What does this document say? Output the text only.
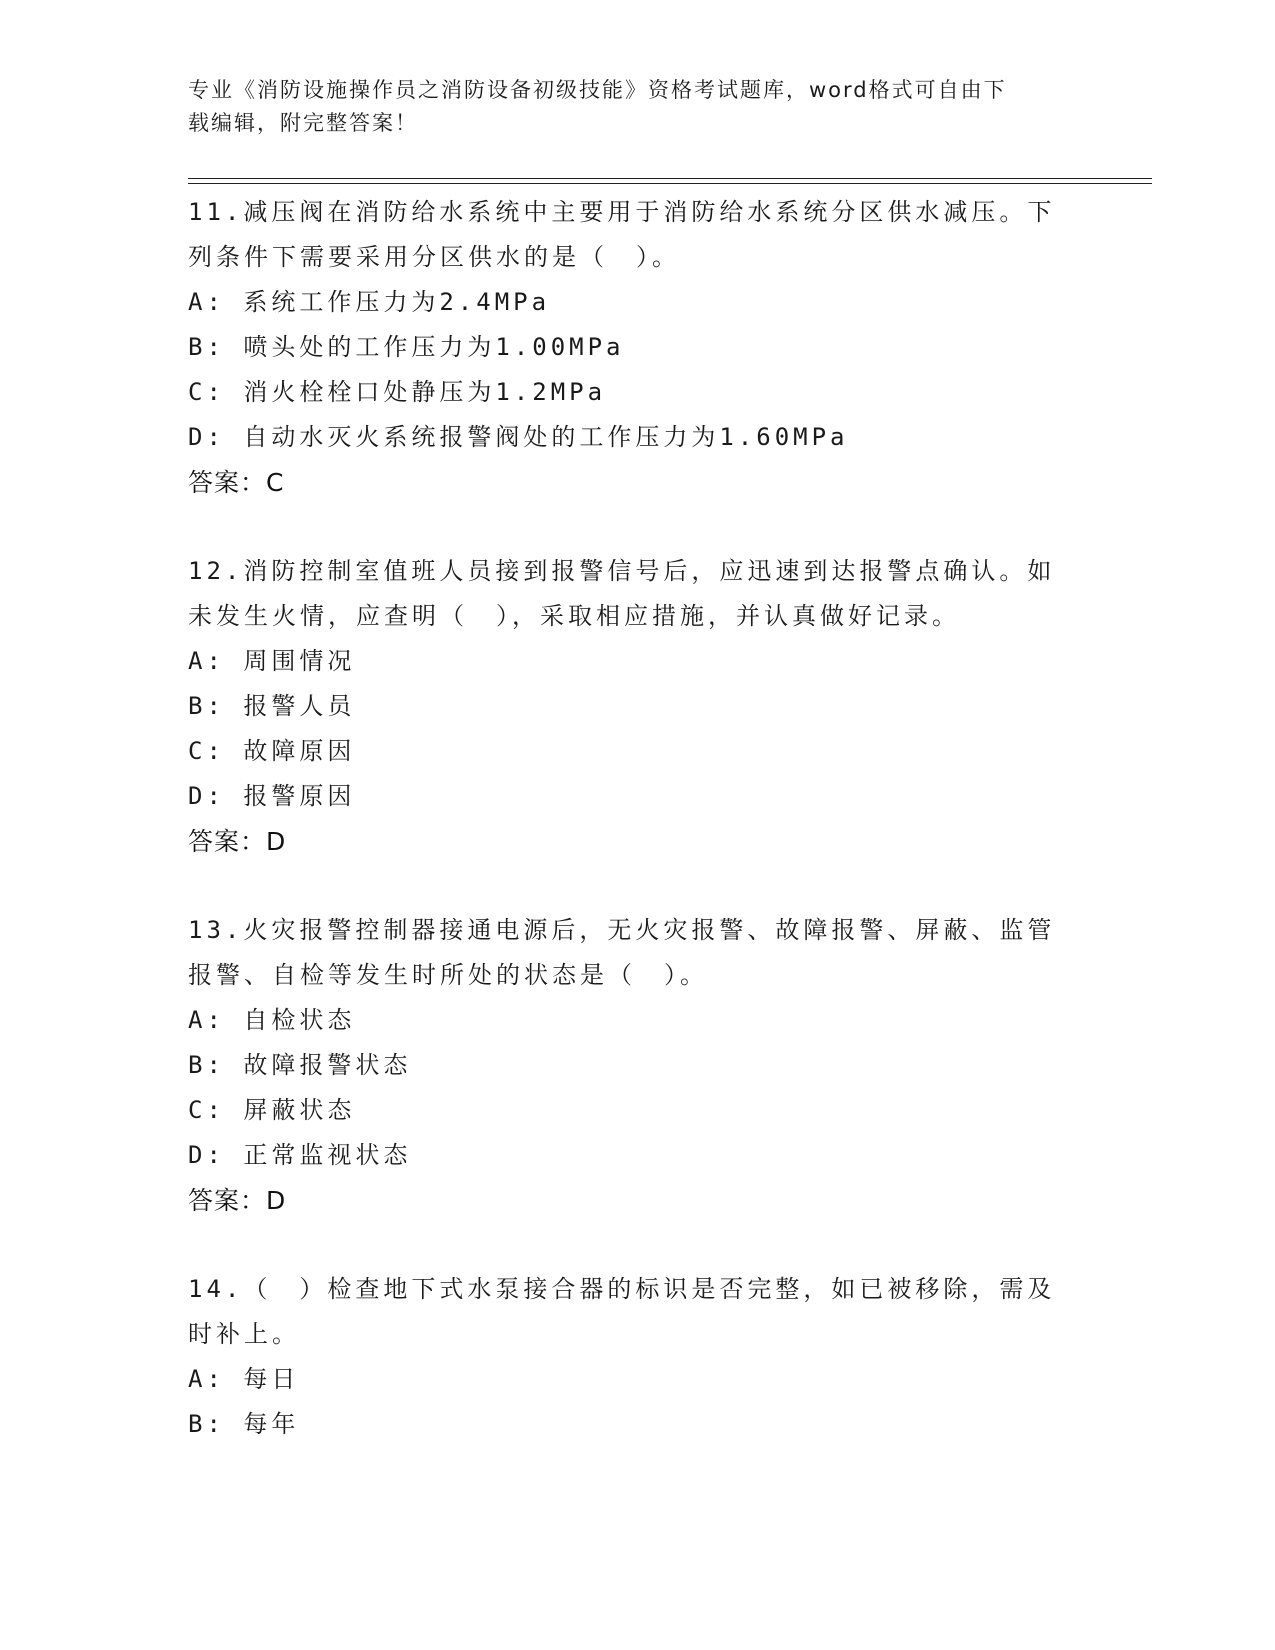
专业《消防设施操作员之消防设备初级技能》资格考试题库，word格式可自由下
载编辑，附完整答案！
11.减压阀在消防给水系统中主要用于消防给水系统分区供水减压。下列条件下需要采用分区供水的是（　）。
A: 系统工作压力为2.4MPa
B: 喷头处的工作压力为1.00MPa
C: 消火栓栓口处静压为1.2MPa
D: 自动水灭火系统报警阀处的工作压力为1.60MPa
答案：C
12.消防控制室值班人员接到报警信号后，应迅速到达报警点确认。如未发生火情，应查明（　），采取相应措施，并认真做好记录。
A: 周围情况
B: 报警人员
C: 故障原因
D: 报警原因
答案：D
13.火灾报警控制器接通电源后，无火灾报警、故障报警、屏蔽、监管报警、自检等发生时所处的状态是（　）。
A: 自检状态
B: 故障报警状态
C: 屏蔽状态
D: 正常监视状态
答案：D
14.（　）检查地下式水泵接合器的标识是否完整，如已被移除，需及时补上。
A: 每日
B: 每年
